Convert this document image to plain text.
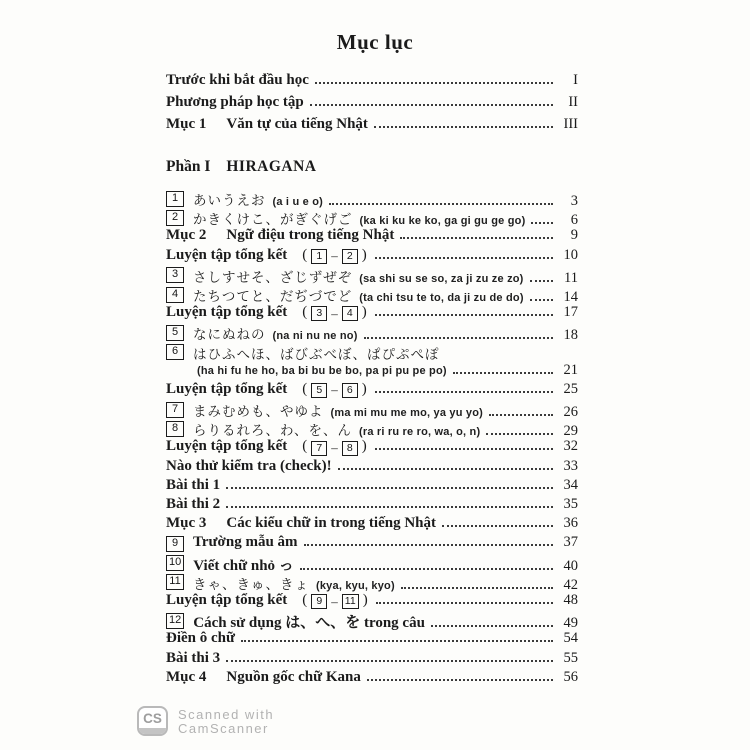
Mục lục
Trước khi bắt đầu học	I
Phương pháp học tập	II
Mục 1 Văn tự của tiếng Nhật	III
Phần I HIRAGANA
1	あいうえお (a i u e o)	3
2	かきくけこ、がぎぐげご (ka ki ku ke ko, ga gi gu ge go)	6
Mục 2 Ngữ điệu trong tiếng Nhật	9
Luyện tập tổng kết ( 1 – 2 )	10
3	さしすせそ、ざじずぜぞ (sa shi su se so, za ji zu ze zo)	11
4	たちつてと、だぢづでど (ta chi tsu te to, da ji zu de do)	14
Luyện tập tổng kết ( 3 – 4 )	17
5	なにぬねの (na ni nu ne no)	18
6	はひふへほ、ばびぶべぼ、ぱぴぷぺぽ
(ha hi fu he ho, ba bi bu be bo, pa pi pu pe po)	21
Luyện tập tổng kết ( 5 – 6 )	25
7	まみむめも、やゆよ (ma mi mu me mo, ya yu yo)	26
8	らりるれろ、わ、を、ん (ra ri ru re ro, wa, o, n)	29
Luyện tập tổng kết ( 7 – 8 )	32
Nào thử kiểm tra (check)!	33
Bài thi 1	34
Bài thi 2	35
Mục 3 Các kiểu chữ in trong tiếng Nhật	36
9 Trường mẫu âm	37
10 Viết chữ nhỏ っ	40
11 きゃ、きゅ、きょ (kya, kyu, kyo)	42
Luyện tập tổng kết ( 9 – 11 )	48
12 Cách sử dụng は、へ、を trong câu	49
Điền ô chữ	54
Bài thi 3	55
Mục 4 Nguồn gốc chữ Kana	56
CS	Scanned with
CamScanner
